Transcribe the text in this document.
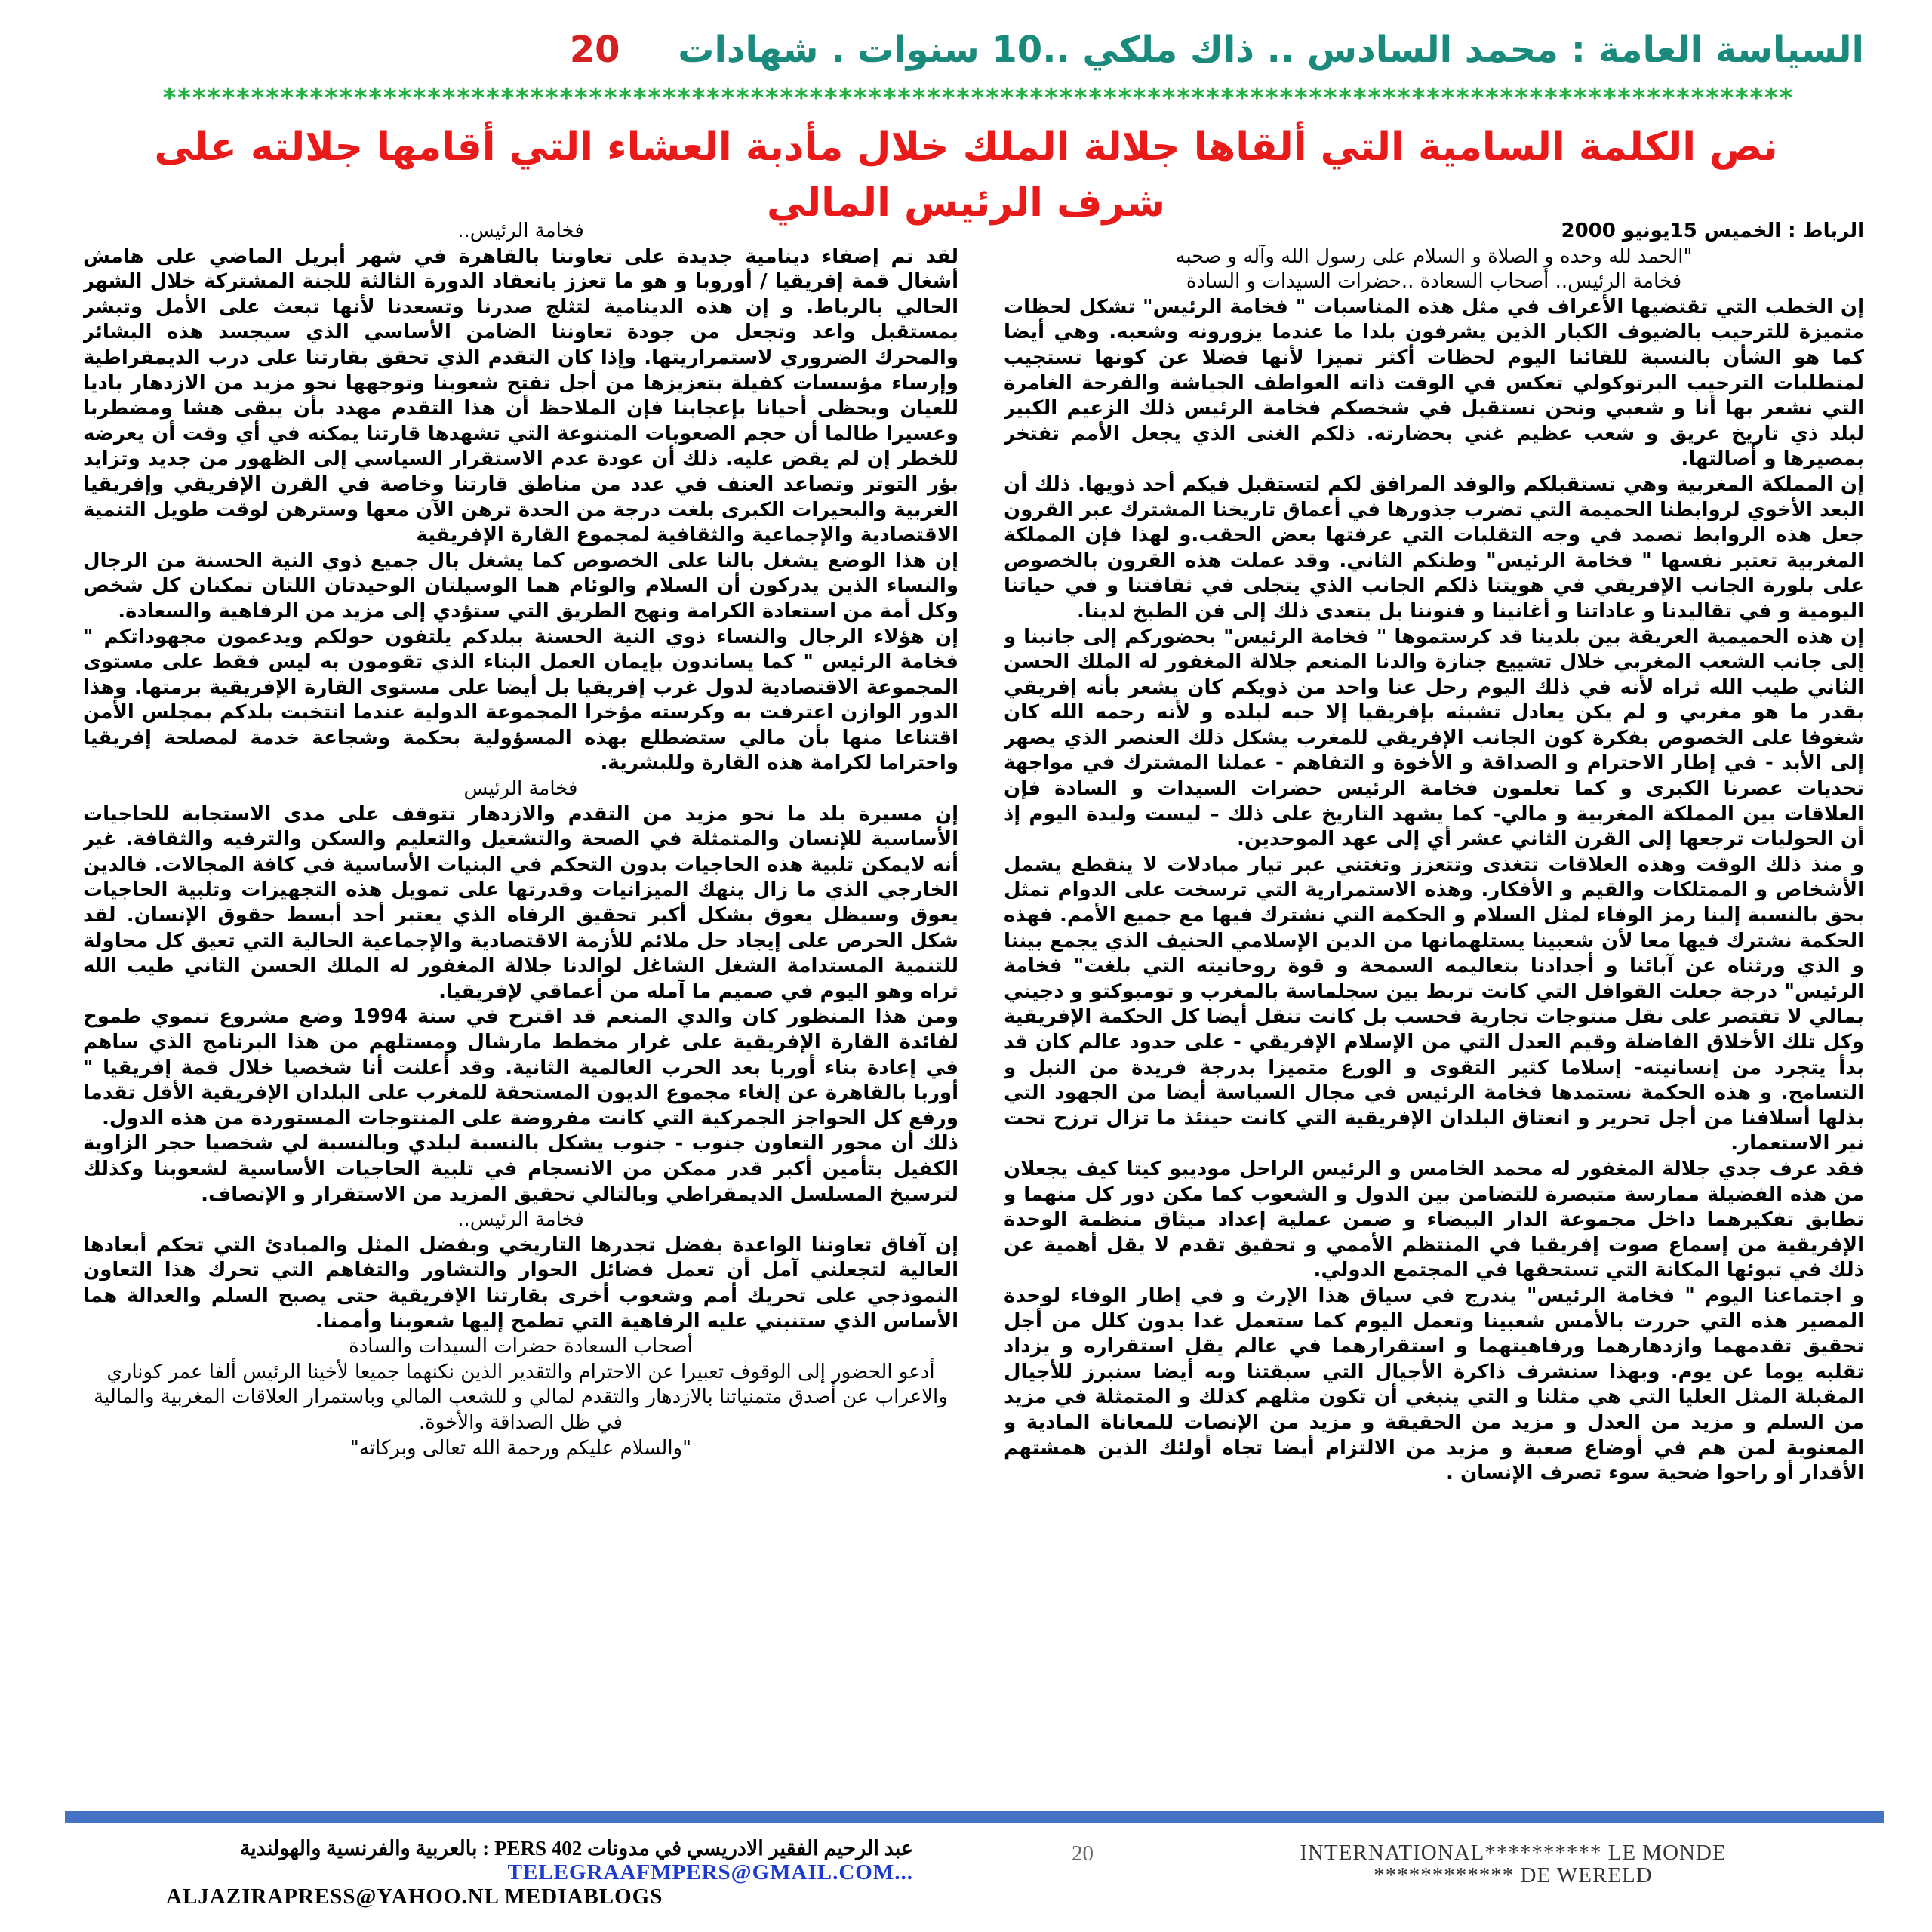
السياسة العامة : محمد السادس .. ذاك ملكي ..10 سنوات . شهادات 20
***************************************************************************************************************
نص الكلمة السامية التي ألقاها جلالة الملك خلال مأدبة العشاء التي أقامها جلالته على شرف الرئيس المالي

الرباط : الخميس 15يونيو 2000

"الحمد لله وحده و الصلاة و السلام على رسول الله وآله و صحبه

فخامة الرئيس.. أصحاب السعادة ..حضرات السيدات و السادة

إن الخطب التي تقتضيها الأعراف في مثل هذه المناسبات " فخامة الرئيس" تشكل لحظات متميزة للترحيب بالضيوف الكبار الذين يشرفون بلدا ما عندما يزورونه وشعبه. وهي أيضا كما هو الشأن بالنسبة للقائنا اليوم لحظات أكثر تميزا لأنها فضلا عن كونها تستجيب لمتطلبات الترحيب البرتوكولي تعكس في الوقت ذاته العواطف الجياشة والفرحة الغامرة التي نشعر بها أنا و شعبي ونحن نستقبل في شخصكم فخامة الرئيس ذلك الزعيم الكبير لبلد ذي تاريخ عريق و شعب عظيم غني بحضارته. ذلكم الغنى الذي يجعل الأمم تفتخر بمصيرها و أصالتها.

إن المملكة المغربية وهي تستقبلكم والوفد المرافق لكم لتستقبل فيكم أحد ذويها. ذلك أن البعد الأخوي لروابطنا الحميمة التي تضرب جذورها في أعماق تاريخنا المشترك عبر القرون جعل هذه الروابط تصمد في وجه التقلبات التي عرفتها بعض الحقب.و لهذا فإن المملكة المغربية تعتبر نفسها " فخامة الرئيس" وطنكم الثاني. وقد عملت هذه القرون بالخصوص على بلورة الجانب الإفريقي في هويتنا ذلكم الجانب الذي يتجلى في ثقافتنا و في حياتنا اليومية و في تقاليدنا و عاداتنا و أغانينا و فنوننا بل يتعدى ذلك إلى فن الطبخ لدينا.

إن هذه الحميمية العريقة بين بلدينا قد كرستموها " فخامة الرئيس" بحضوركم إلى جانبنا و إلى جانب الشعب المغربي خلال تشييع جنازة والدنا المنعم جلالة المغفور له الملك الحسن الثاني طيب الله ثراه لأنه في ذلك اليوم رحل عنا واحد من ذويكم كان يشعر بأنه إفريقي بقدر ما هو مغربي و لم يكن يعادل تشبثه بإفريقيا إلا حبه لبلده و لأنه رحمه الله كان شغوفا على الخصوص بفكرة كون الجانب الإفريقي للمغرب يشكل ذلك العنصر الذي يصهر إلى الأبد - في إطار الاحترام و الصداقة و الأخوة و التفاهم - عملنا المشترك في مواجهة تحديات عصرنا الكبرى و كما تعلمون فخامة الرئيس حضرات السيدات و السادة فإن العلاقات بين المملكة المغربية و مالي- كما يشهد التاريخ على ذلك – ليست وليدة اليوم إذ أن الحوليات ترجعها إلى القرن الثاني عشر أي إلى عهد الموحدين.

و منذ ذلك الوقت وهذه العلاقات تتغذى وتتعزز وتغتني عبر تيار مبادلات لا ينقطع يشمل الأشخاص و الممتلكات والقيم و الأفكار. وهذه الاستمرارية التي ترسخت على الدوام تمثل بحق بالنسبة إلينا رمز الوفاء لمثل السلام و الحكمة التي نشترك فيها مع جميع الأمم. فهذه الحكمة نشترك فيها معا لأن شعبينا يستلهمانها من الدين الإسلامي الحنيف الذي يجمع بيننا و الذي ورثناه عن آبائنا و أجدادنا بتعاليمه السمحة و قوة روحانيته التي بلغت" فخامة الرئيس" درجة جعلت القوافل التي كانت تربط بين سجلماسة بالمغرب و تومبوكتو و دجيني بمالي لا تقتصر على نقل منتوجات تجارية فحسب بل كانت تنقل أيضا كل الحكمة الإفريقية وكل تلك الأخلاق الفاضلة وقيم العدل التي من الإسلام الإفريقي - على حدود عالم كان قد بدأ يتجرد من إنسانيته- إسلاما كثير التقوى و الورع متميزا بدرجة فريدة من النبل و التسامح. و هذه الحكمة نستمدها فخامة الرئيس في مجال السياسة أيضا من الجهود التي بذلها أسلافنا من أجل تحرير و انعتاق البلدان الإفريقية التي كانت حينئذ ما تزال ترزح تحت نير الاستعمار.

فقد عرف جدي جلالة المغفور له محمد الخامس و الرئيس الراحل موديبو كيتا كيف يجعلان من هذه الفضيلة ممارسة متبصرة للتضامن بين الدول و الشعوب كما مكن دور كل منهما و تطابق تفكيرهما داخل مجموعة الدار البيضاء و ضمن عملية إعداد ميثاق منظمة الوحدة الإفريقية من إسماع صوت إفريقيا في المنتظم الأممي و تحقيق تقدم لا يقل أهمية عن ذلك في تبوئها المكانة التي تستحقها في المجتمع الدولي.

و اجتماعنا اليوم " فخامة الرئيس" يندرج في سياق هذا الإرث و في إطار الوفاء لوحدة المصير هذه التي حررت بالأمس شعبينا وتعمل اليوم كما ستعمل غدا بدون كلل من أجل تحقيق تقدمهما وازدهارهما ورفاهيتهما و استقرارهما في عالم يقل استقراره و يزداد تقلبه يوما عن يوم. وبهذا سنشرف ذاكرة الأجيال التي سبقتنا وبه أيضا سنبرز للأجيال المقبلة المثل العليا التي هي مثلنا و التي ينبغي أن تكون مثلهم كذلك و المتمثلة في مزيد من السلم و مزيد من العدل و مزيد من الحقيقة و مزيد من الإنصات للمعاناة المادية و المعنوية لمن هم في أوضاع صعبة و مزيد من الالتزام أيضا تجاه أولئك الذين همشتهم الأقدار أو راحوا ضحية سوء تصرف الإنسان .

فخامة الرئيس..

لقد تم إضفاء دينامية جديدة على تعاوننا بالقاهرة في شهر أبريل الماضي على هامش أشغال قمة إفريقيا / أوروبا و هو ما تعزز بانعقاد الدورة الثالثة للجنة المشتركة خلال الشهر الحالي بالرباط. و إن هذه الدينامية لتثلج صدرنا وتسعدنا لأنها تبعث على الأمل وتبشر بمستقبل واعد وتجعل من جودة تعاوننا الضامن الأساسي الذي سيجسد هذه البشائر والمحرك الضروري لاستمراريتها. وإذا كان التقدم الذي تحقق بقارتنا على درب الديمقراطية وإرساء مؤسسات كفيلة بتعزيزها من أجل تفتح شعوبنا وتوجهها نحو مزيد من الازدهار باديا للعيان ويحظى أحيانا بإعجابنا فإن الملاحظ أن هذا التقدم مهدد بأن يبقى هشا ومضطربا وعسيرا طالما أن حجم الصعوبات المتنوعة التي تشهدها قارتنا يمكنه في أي وقت أن يعرضه للخطر إن لم يقض عليه. ذلك أن عودة عدم الاستقرار السياسي إلى الظهور من جديد وتزايد بؤر التوتر وتصاعد العنف في عدد من مناطق قارتنا وخاصة في القرن الإفريقي وإفريقيا الغربية والبحيرات الكبرى بلغت درجة من الحدة ترهن الآن معها وسترهن لوقت طويل التنمية الاقتصادية والإجماعية والثقافية لمجموع القارة الإفريقية

إن هذا الوضع يشغل بالنا على الخصوص كما يشغل بال جميع ذوي النية الحسنة من الرجال والنساء الذين يدركون أن السلام والوئام هما الوسيلتان الوحيدتان اللتان تمكنان كل شخص وكل أمة من استعادة الكرامة ونهج الطريق التي ستؤدي إلى مزيد من الرفاهية والسعادة.

إن هؤلاء الرجال والنساء ذوي النية الحسنة ببلدكم يلتفون حولكم ويدعمون مجهوداتكم " فخامة الرئيس " كما يساندون بإيمان العمل البناء الذي تقومون به ليس فقط على مستوى المجموعة الاقتصادية لدول غرب إفريقيا بل أيضا على مستوى القارة الإفريقية برمتها. وهذا الدور الوازن اعترفت به وكرسته مؤخرا المجموعة الدولية عندما انتخبت بلدكم بمجلس الأمن اقتناعا منها بأن مالي ستضطلع بهذه المسؤولية بحكمة وشجاعة خدمة لمصلحة إفريقيا واحتراما لكرامة هذه القارة وللبشرية.

فخامة الرئيس

إن مسيرة بلد ما نحو مزيد من التقدم والازدهار تتوقف على مدى الاستجابة للحاجيات الأساسية للإنسان والمتمثلة في الصحة والتشغيل والتعليم والسكن والترفيه والثقافة. غير أنه لايمكن تلبية هذه الحاجيات بدون التحكم في البنيات الأساسية في كافة المجالات. فالدين الخارجي الذي ما زال ينهك الميزانيات وقدرتها على تمويل هذه التجهيزات وتلبية الحاجيات يعوق وسيظل يعوق بشكل أكبر تحقيق الرفاه الذي يعتبر أحد أبسط حقوق الإنسان. لقد شكل الحرص على إيجاد حل ملائم للأزمة الاقتصادية والإجماعية الحالية التي تعيق كل محاولة للتنمية المستدامة الشغل الشاغل لوالدنا جلالة المغفور له الملك الحسن الثاني طيب الله ثراه وهو اليوم في صميم ما آمله من أعماقي لإفريقيا.

ومن هذا المنظور كان والدي المنعم قد اقترح في سنة 1994 وضع مشروع تنموي طموح لفائدة القارة الإفريقية على غرار مخطط مارشال ومستلهم من هذا البرنامج الذي ساهم في إعادة بناء أوربا بعد الحرب العالمية الثانية. وقد أعلنت أنا شخصيا خلال قمة إفريقيا " أوربا بالقاهرة عن إلغاء مجموع الديون المستحقة للمغرب على البلدان الإفريقية الأقل تقدما ورفع كل الحواجز الجمركية التي كانت مفروضة على المنتوجات المستوردة من هذه الدول.

ذلك أن محور التعاون جنوب - جنوب يشكل بالنسبة لبلدي وبالنسبة لي شخصيا حجر الزاوية الكفيل بتأمين أكبر قدر ممكن من الانسجام في تلبية الحاجيات الأساسية لشعوبنا وكذلك لترسيخ المسلسل الديمقراطي وبالتالي تحقيق المزيد من الاستقرار و الإنصاف.

فخامة الرئيس..

إن آفاق تعاوننا الواعدة بفضل تجدرها التاريخي وبفضل المثل والمبادئ التي تحكم أبعادها العالية لتجعلني آمل أن تعمل فضائل الحوار والتشاور والتفاهم التي تحرك هذا التعاون النموذجي على تحريك أمم وشعوب أخرى بقارتنا الإفريقية حتى يصبح السلم والعدالة هما الأساس الذي ستنبني عليه الرفاهية التي تطمح إليها شعوبنا وأممنا.

أصحاب السعادة حضرات السيدات والسادة

أدعو الحضور إلى الوقوف تعبيرا عن الاحترام والتقدير الذين نكنهما جميعا لأخينا الرئيس ألفا عمر كوناري والاعراب عن أصدق متمنياتنا بالازدهار والتقدم لمالي و للشعب المالي وباستمرار العلاقات المغربية والمالية في ظل الصداقة والأخوة.

"والسلام عليكم ورحمة الله تعالى وبركاته"

عبد الرحيم الفقير الادريسي في مدونات PERS 402 : بالعربية والفرنسية والهولندية
TELEGRAAFMPERS@GMAIL.COM...
ALJAZIRAPRESS@YAHOO.NL MEDIABLOGS
20	INTERNATIONAL********** LE MONDE
************ DE WERELD
